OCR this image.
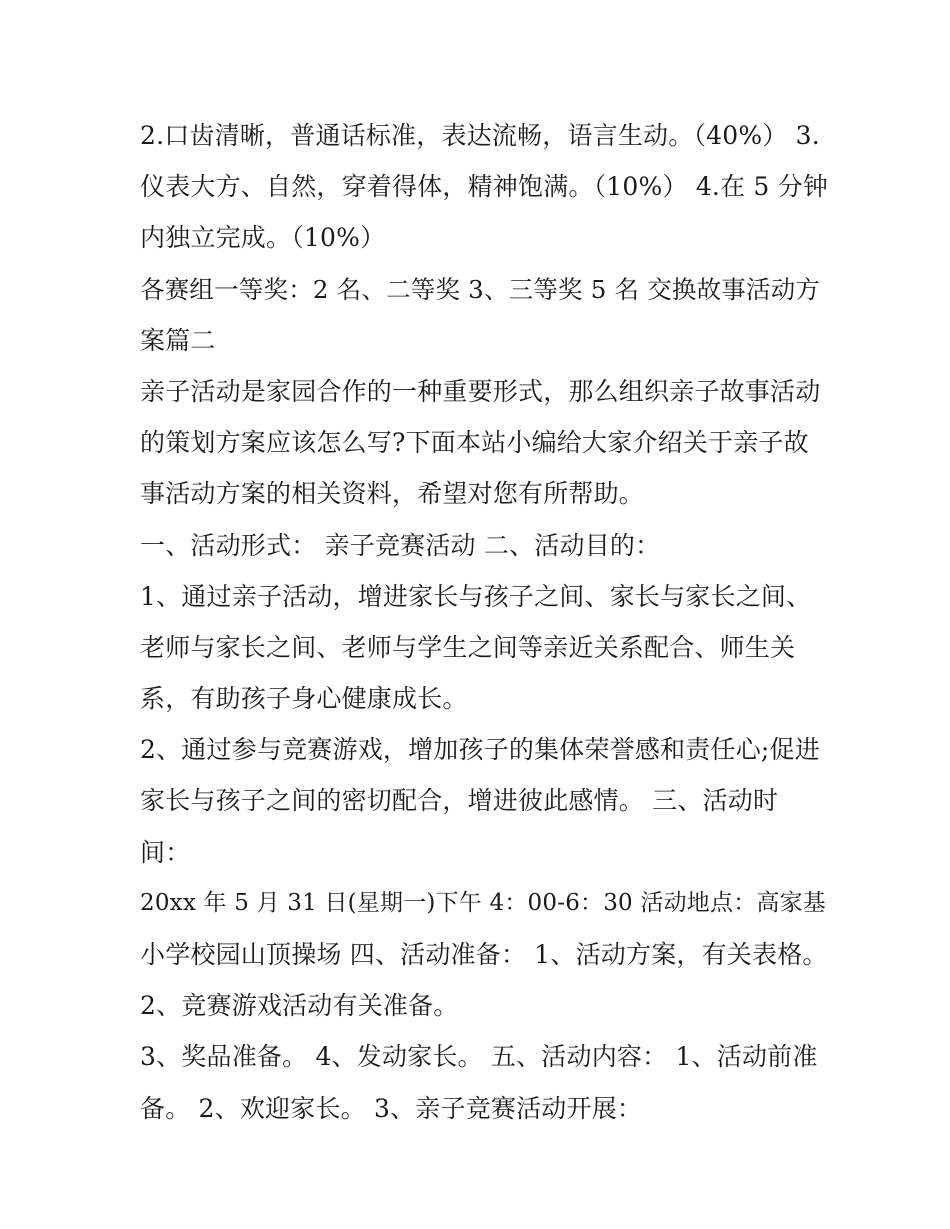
2.口齿清晰，普通话标准，表达流畅，语言生动。（40%） 3.
仪表大方、自然，穿着得体，精神饱满。（10%） 4.在 5 分钟
内独立完成。（10%）
各赛组一等奖：2 名、二等奖 3、三等奖 5 名 交换故事活动方
案篇二
亲子活动是家园合作的一种重要形式，那么组织亲子故事活动
的策划方案应该怎么写?下面本站小编给大家介绍关于亲子故
事活动方案的相关资料，希望对您有所帮助。
一、活动形式： 亲子竞赛活动 二、活动目的：
1、通过亲子活动，增进家长与孩子之间、家长与家长之间、
老师与家长之间、老师与学生之间等亲近关系配合、师生关
系，有助孩子身心健康成长。
2、通过参与竞赛游戏，增加孩子的集体荣誉感和责任心;促进
家长与孩子之间的密切配合，增进彼此感情。 三、活动时
间：
20xx 年 5 月 31 日(星期一)下午 4：00-6：30 活动地点：高家基
小学校园山顶操场 四、活动准备： 1、活动方案，有关表格。
2、竞赛游戏活动有关准备。
3、奖品准备。 4、发动家长。 五、活动内容： 1、活动前准
备。 2、欢迎家长。 3、亲子竞赛活动开展：
